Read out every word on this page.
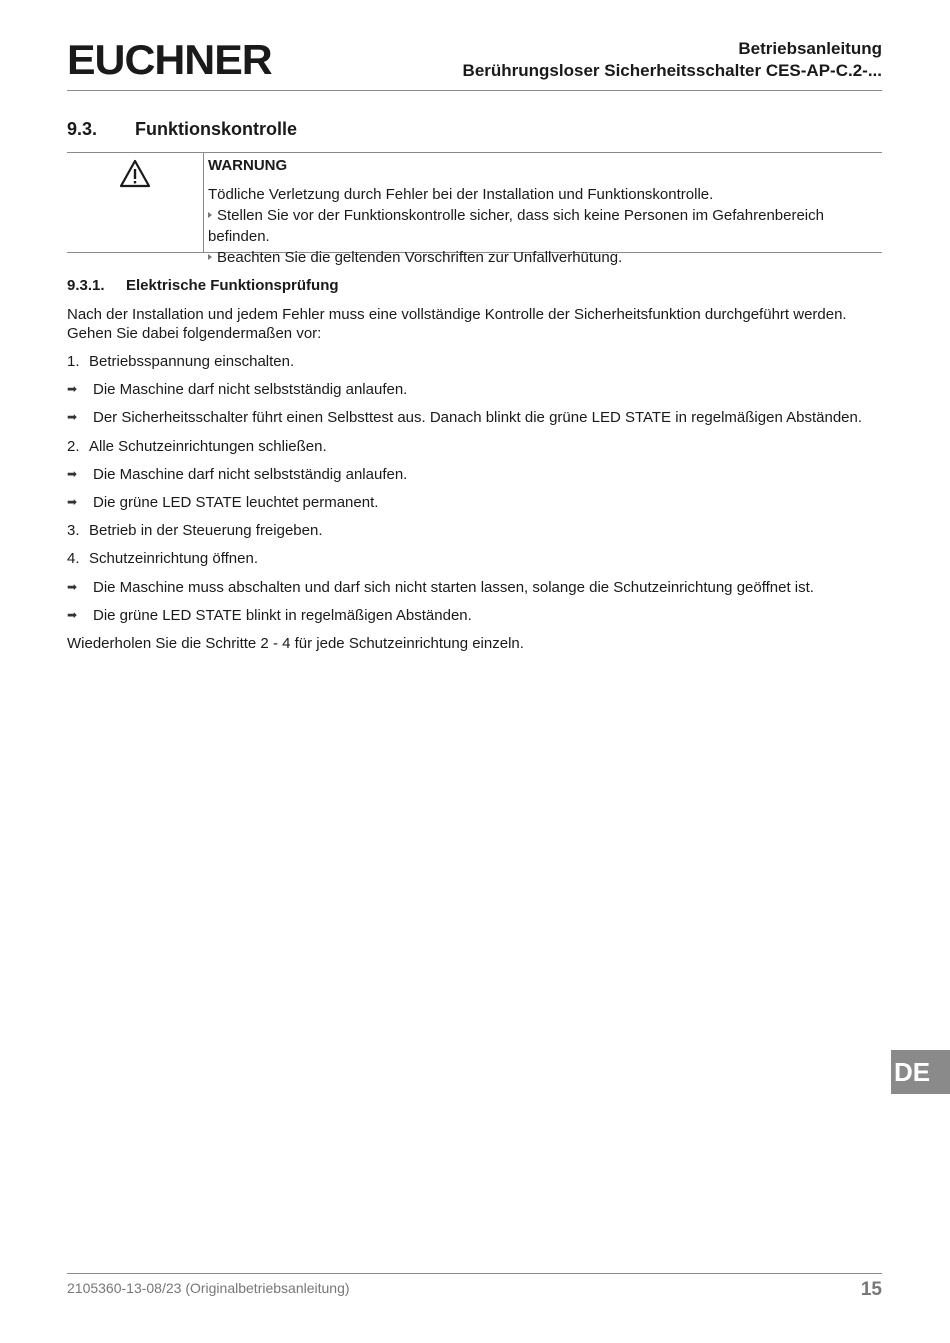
EUCHNER	Betriebsanleitung
Berührungsloser Sicherheitsschalter CES-AP-C.2-...
9.3. Funktionskontrolle
WARNUNG
Tödliche Verletzung durch Fehler bei der Installation und Funktionskontrolle.
Stellen Sie vor der Funktionskontrolle sicher, dass sich keine Personen im Gefahrenbereich befinden.
Beachten Sie die geltenden Vorschriften zur Unfallverhütung.
9.3.1. Elektrische Funktionsprüfung
Nach der Installation und jedem Fehler muss eine vollständige Kontrolle der Sicherheitsfunktion durchgeführt werden. Gehen Sie dabei folgendermaßen vor:
1. Betriebsspannung einschalten.
➡ Die Maschine darf nicht selbstständig anlaufen.
➡ Der Sicherheitsschalter führt einen Selbsttest aus. Danach blinkt die grüne LED STATE in regelmäßigen Abständen.
2. Alle Schutzeinrichtungen schließen.
➡ Die Maschine darf nicht selbstständig anlaufen.
➡ Die grüne LED STATE leuchtet permanent.
3. Betrieb in der Steuerung freigeben.
4. Schutzeinrichtung öffnen.
➡ Die Maschine muss abschalten und darf sich nicht starten lassen, solange die Schutzeinrichtung geöffnet ist.
➡ Die grüne LED STATE blinkt in regelmäßigen Abständen.
Wiederholen Sie die Schritte 2 - 4 für jede Schutzeinrichtung einzeln.
2105360-13-08/23 (Originalbetriebsanleitung)	15
DE
